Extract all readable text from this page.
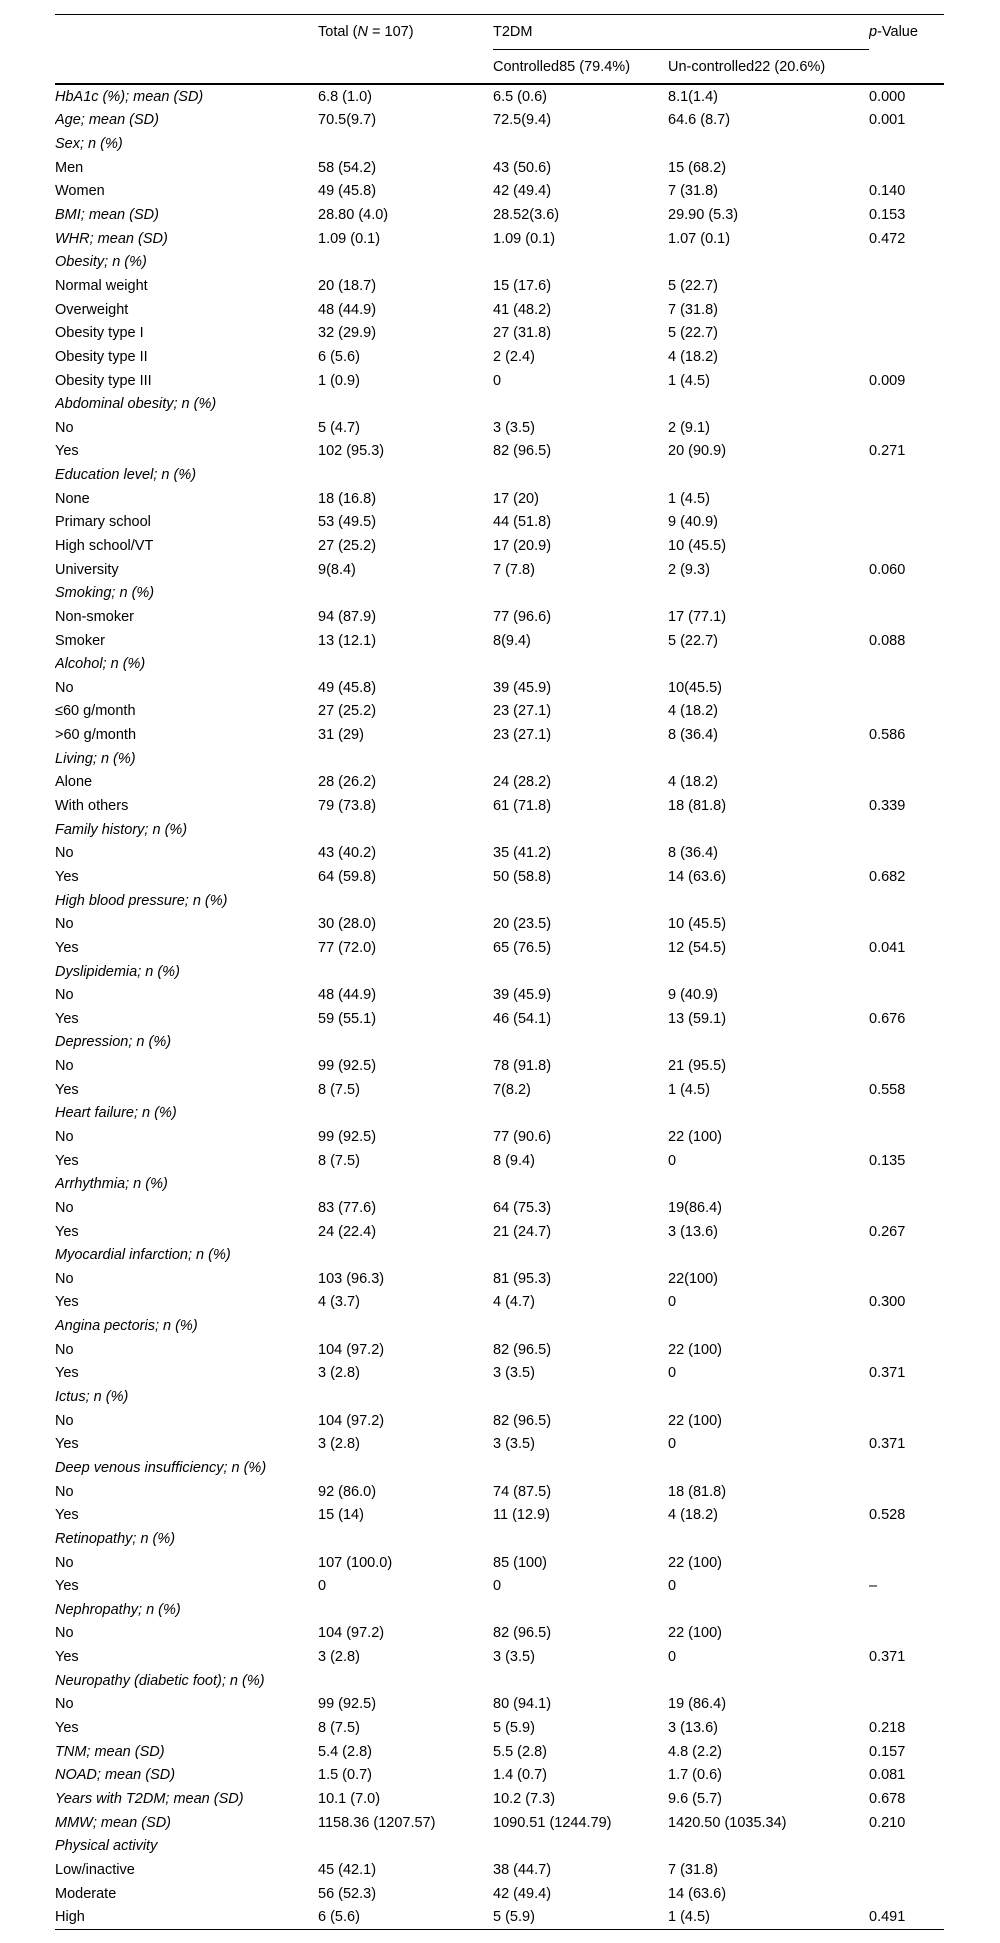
	Total (N = 107)	T2DM		p-Value
		Controlled85 (79.4%)	Un-controlled22 (20.6%)	
HbA1c (%); mean (SD)	6.8 (1.0)	6.5 (0.6)	8.1(1.4)	0.000
Age; mean (SD)	70.5(9.7)	72.5(9.4)	64.6 (8.7)	0.001
Sex; n (%)				
Men	58 (54.2)	43 (50.6)	15 (68.2)	
Women	49 (45.8)	42 (49.4)	7 (31.8)	0.140
BMI; mean (SD)	28.80 (4.0)	28.52(3.6)	29.90 (5.3)	0.153
WHR; mean (SD)	1.09 (0.1)	1.09 (0.1)	1.07 (0.1)	0.472
Obesity; n (%)				
Normal weight	20 (18.7)	15 (17.6)	5 (22.7)	
Overweight	48 (44.9)	41 (48.2)	7 (31.8)	
Obesity type I	32 (29.9)	27 (31.8)	5 (22.7)	
Obesity type II	6 (5.6)	2 (2.4)	4 (18.2)	
Obesity type III	1 (0.9)	0	1 (4.5)	0.009
Abdominal obesity; n (%)				
No	5 (4.7)	3 (3.5)	2 (9.1)	
Yes	102 (95.3)	82 (96.5)	20 (90.9)	0.271
Education level; n (%)				
None	18 (16.8)	17 (20)	1 (4.5)	
Primary school	53 (49.5)	44 (51.8)	9 (40.9)	
High school/VT	27 (25.2)	17 (20.9)	10 (45.5)	
University	9(8.4)	7 (7.8)	2 (9.3)	0.060
Smoking; n (%)				
Non-smoker	94 (87.9)	77 (96.6)	17 (77.1)	
Smoker	13 (12.1)	8(9.4)	5 (22.7)	0.088
Alcohol; n (%)				
No	49 (45.8)	39 (45.9)	10(45.5)	
≤60 g/month	27 (25.2)	23 (27.1)	4 (18.2)	
>60 g/month	31 (29)	23 (27.1)	8 (36.4)	0.586
Living; n (%)				
Alone	28 (26.2)	24 (28.2)	4 (18.2)	
With others	79 (73.8)	61 (71.8)	18 (81.8)	0.339
Family history; n (%)				
No	43 (40.2)	35 (41.2)	8 (36.4)	
Yes	64 (59.8)	50 (58.8)	14 (63.6)	0.682
High blood pressure; n (%)				
No	30 (28.0)	20 (23.5)	10 (45.5)	
Yes	77 (72.0)	65 (76.5)	12 (54.5)	0.041
Dyslipidemia; n (%)				
No	48 (44.9)	39 (45.9)	9 (40.9)	
Yes	59 (55.1)	46 (54.1)	13 (59.1)	0.676
Depression; n (%)				
No	99 (92.5)	78 (91.8)	21 (95.5)	
Yes	8 (7.5)	7(8.2)	1 (4.5)	0.558
Heart failure; n (%)				
No	99 (92.5)	77 (90.6)	22 (100)	
Yes	8 (7.5)	8 (9.4)	0	0.135
Arrhythmia; n (%)				
No	83 (77.6)	64 (75.3)	19(86.4)	
Yes	24 (22.4)	21 (24.7)	3 (13.6)	0.267
Myocardial infarction; n (%)				
No	103 (96.3)	81 (95.3)	22(100)	
Yes	4 (3.7)	4 (4.7)	0	0.300
Angina pectoris; n (%)				
No	104 (97.2)	82 (96.5)	22 (100)	
Yes	3 (2.8)	3 (3.5)	0	0.371
Ictus; n (%)				
No	104 (97.2)	82 (96.5)	22 (100)	
Yes	3 (2.8)	3 (3.5)	0	0.371
Deep venous insufficiency; n (%)				
No	92 (86.0)	74 (87.5)	18 (81.8)	
Yes	15 (14)	11 (12.9)	4 (18.2)	0.528
Retinopathy; n (%)				
No	107 (100.0)	85 (100)	22 (100)	
Yes	0	0	0	–
Nephropathy; n (%)				
No	104 (97.2)	82 (96.5)	22 (100)	
Yes	3 (2.8)	3 (3.5)	0	0.371
Neuropathy (diabetic foot); n (%)				
No	99 (92.5)	80 (94.1)	19 (86.4)	
Yes	8 (7.5)	5 (5.9)	3 (13.6)	0.218
TNM; mean (SD)	5.4 (2.8)	5.5 (2.8)	4.8 (2.2)	0.157
NOAD; mean (SD)	1.5 (0.7)	1.4 (0.7)	1.7 (0.6)	0.081
Years with T2DM; mean (SD)	10.1 (7.0)	10.2 (7.3)	9.6 (5.7)	0.678
MMW; mean (SD)	1158.36 (1207.57)	1090.51 (1244.79)	1420.50 (1035.34)	0.210
Physical activity				
Low/inactive	45 (42.1)	38 (44.7)	7 (31.8)	
Moderate	56 (52.3)	42 (49.4)	14 (63.6)	
High	6 (5.6)	5 (5.9)	1 (4.5)	0.491
